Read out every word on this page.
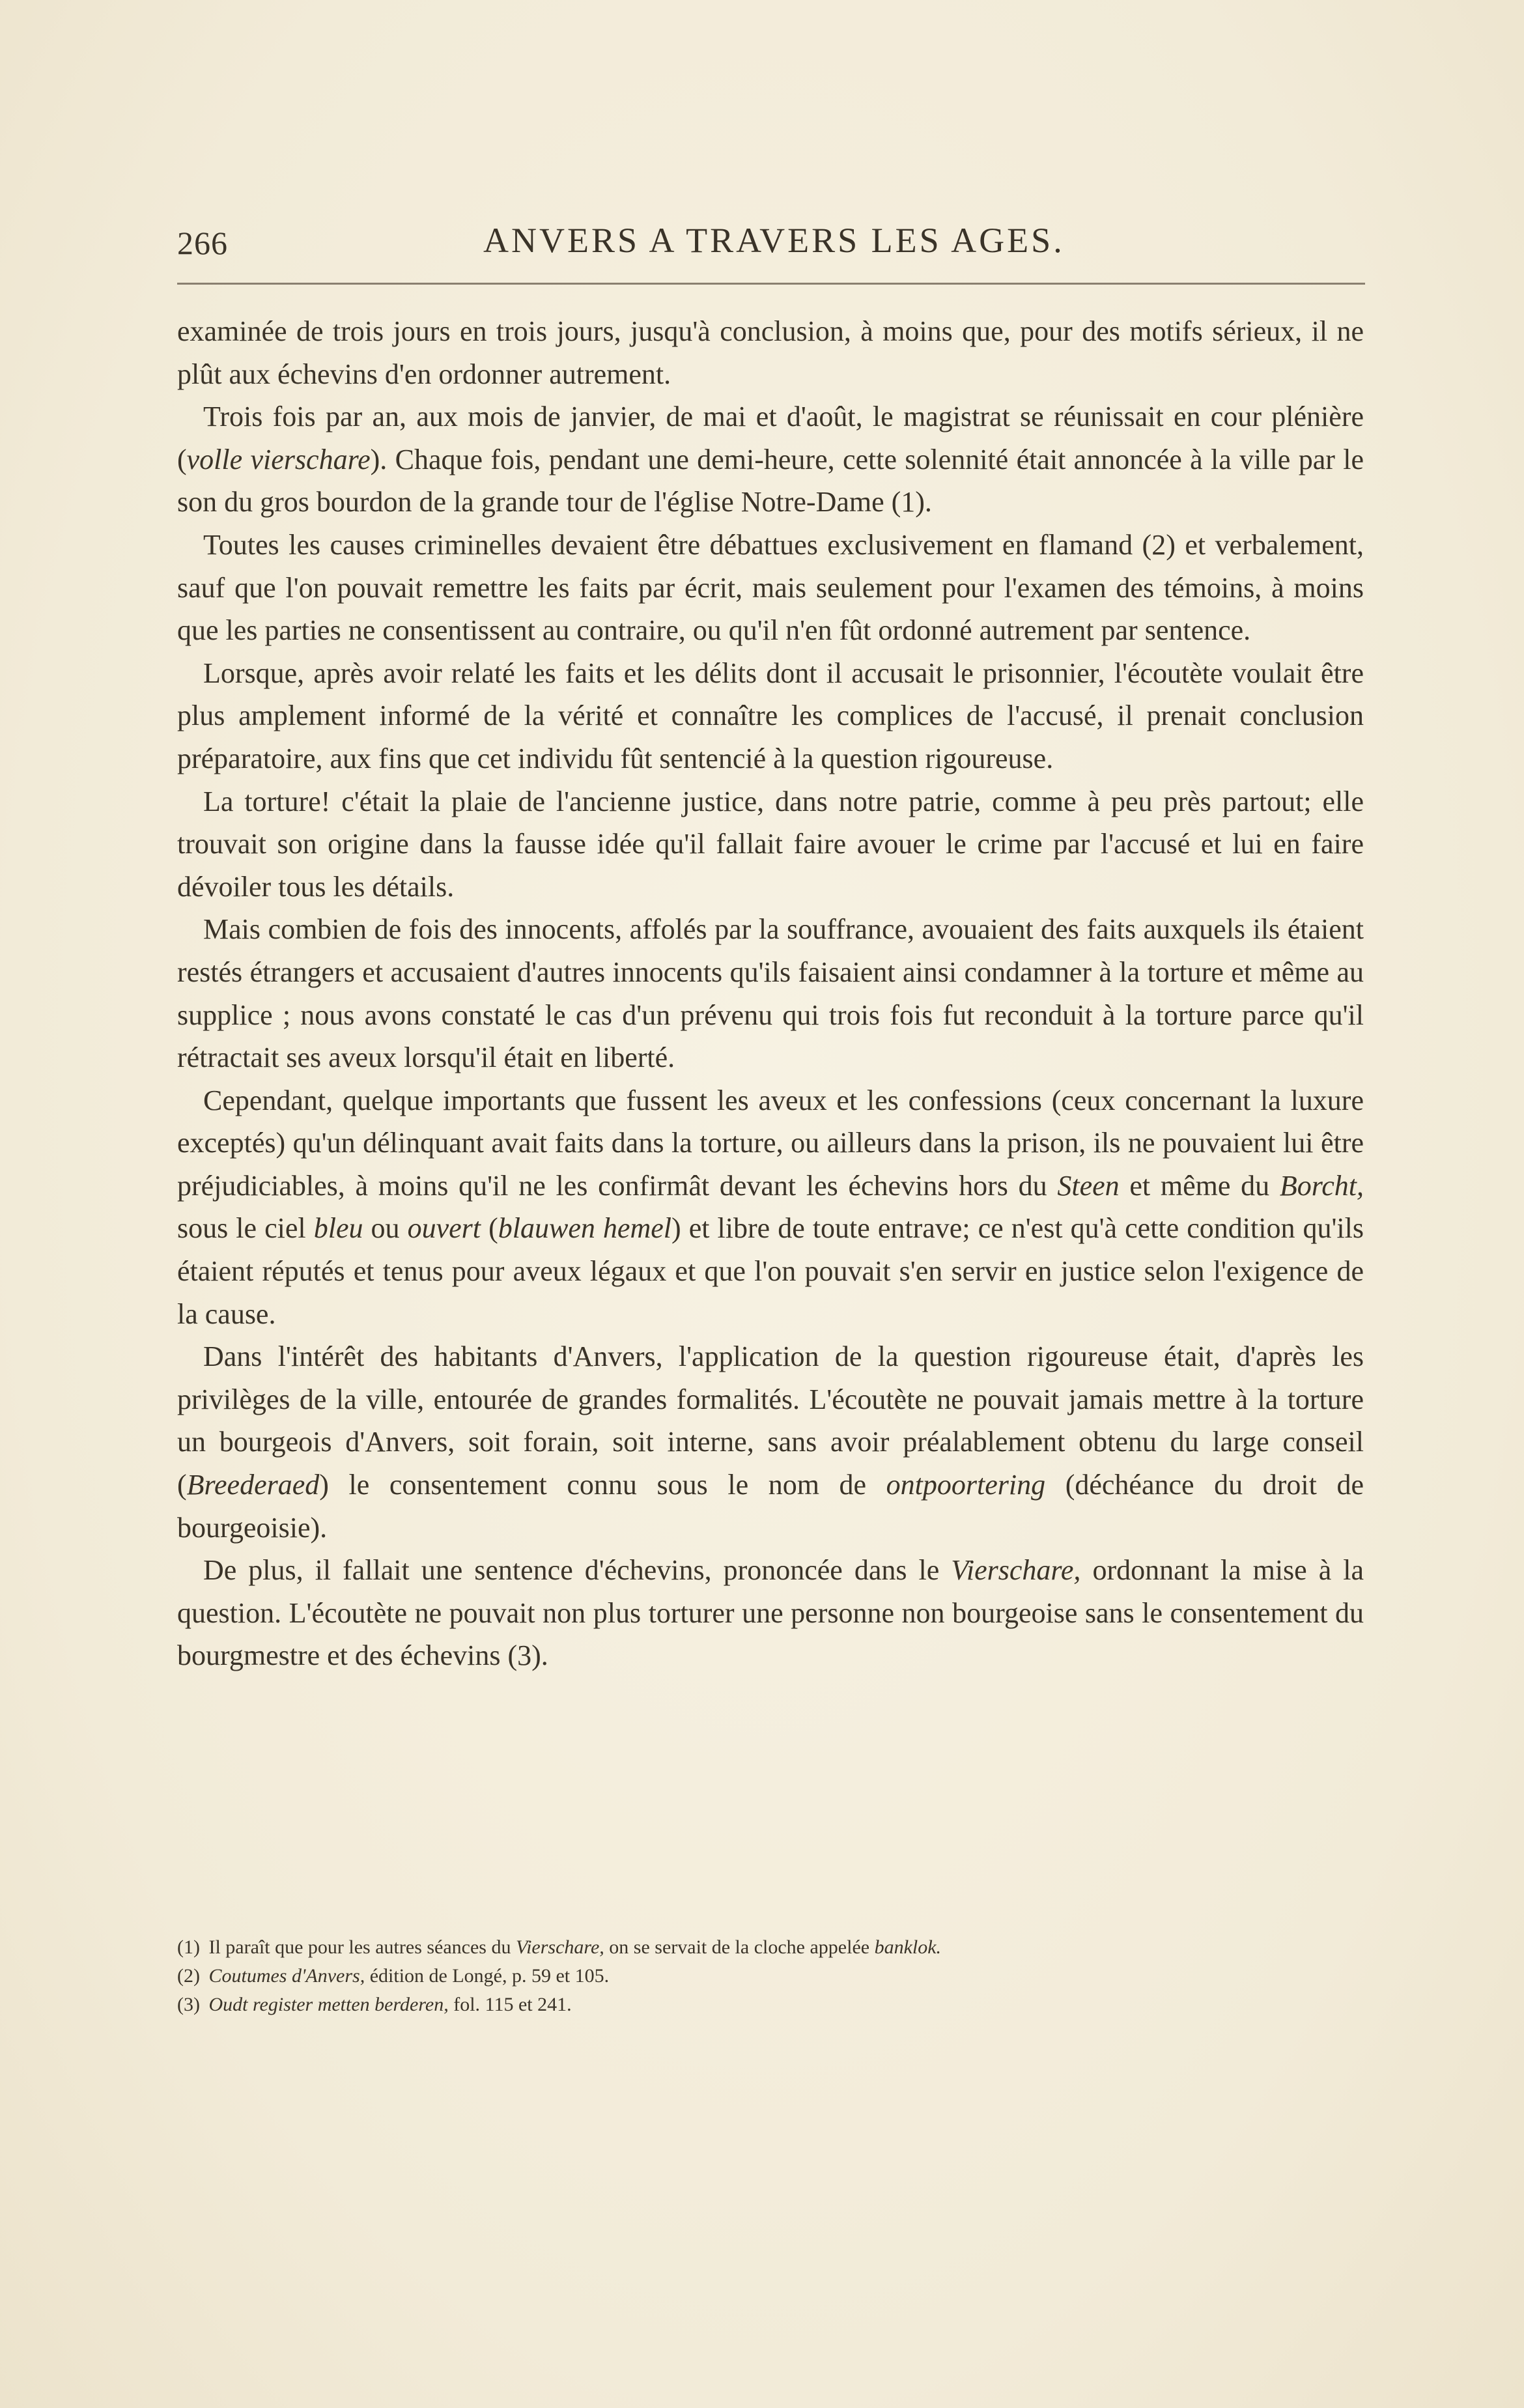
266	ANVERS A TRAVERS LES AGES.

examinée de trois jours en trois jours, jusqu'à conclusion, à moins que, pour des motifs sérieux, il ne plût aux échevins d'en ordonner autrement.

Trois fois par an, aux mois de janvier, de mai et d'août, le magistrat se réunissait en cour plénière (volle vierschare). Chaque fois, pendant une demi-heure, cette solennité était annoncée à la ville par le son du gros bourdon de la grande tour de l'église Notre-Dame (1).

Toutes les causes criminelles devaient être débattues exclusivement en flamand (2) et verbalement, sauf que l'on pouvait remettre les faits par écrit, mais seulement pour l'examen des témoins, à moins que les parties ne consentissent au contraire, ou qu'il n'en fût ordonné autrement par sentence.

Lorsque, après avoir relaté les faits et les délits dont il accusait le prisonnier, l'écoutète voulait être plus amplement informé de la vérité et connaître les complices de l'accusé, il prenait conclusion préparatoire, aux fins que cet individu fût sentencié à la question rigoureuse.

La torture! c'était la plaie de l'ancienne justice, dans notre patrie, comme à peu près partout; elle trouvait son origine dans la fausse idée qu'il fallait faire avouer le crime par l'accusé et lui en faire dévoiler tous les détails.

Mais combien de fois des innocents, affolés par la souffrance, avouaient des faits auxquels ils étaient restés étrangers et accusaient d'autres innocents qu'ils faisaient ainsi condamner à la torture et même au supplice ; nous avons constaté le cas d'un prévenu qui trois fois fut reconduit à la torture parce qu'il rétractait ses aveux lorsqu'il était en liberté.

Cependant, quelque importants que fussent les aveux et les confessions (ceux concernant la luxure exceptés) qu'un délinquant avait faits dans la torture, ou ailleurs dans la prison, ils ne pouvaient lui être préjudiciables, à moins qu'il ne les confirmât devant les échevins hors du Steen et même du Borcht, sous le ciel bleu ou ouvert (blauwen hemel) et libre de toute entrave; ce n'est qu'à cette condition qu'ils étaient réputés et tenus pour aveux légaux et que l'on pouvait s'en servir en justice selon l'exigence de la cause.

Dans l'intérêt des habitants d'Anvers, l'application de la question rigoureuse était, d'après les privilèges de la ville, entourée de grandes formalités. L'écoutète ne pouvait jamais mettre à la torture un bourgeois d'Anvers, soit forain, soit interne, sans avoir préalablement obtenu du large conseil (Breederaed) le consentement connu sous le nom de ontpoortering (déchéance du droit de bourgeoisie).

De plus, il fallait une sentence d'échevins, prononcée dans le Vierschare, ordonnant la mise à la question. L'écoutète ne pouvait non plus torturer une personne non bourgeoise sans le consentement du bourgmestre et des échevins (3).

(1) Il paraît que pour les autres séances du Vierschare, on se servait de la cloche appelée banklok.

(2) Coutumes d'Anvers, édition de Longé, p. 59 et 105.

(3) Oudt register metten berderen, fol. 115 et 241.
